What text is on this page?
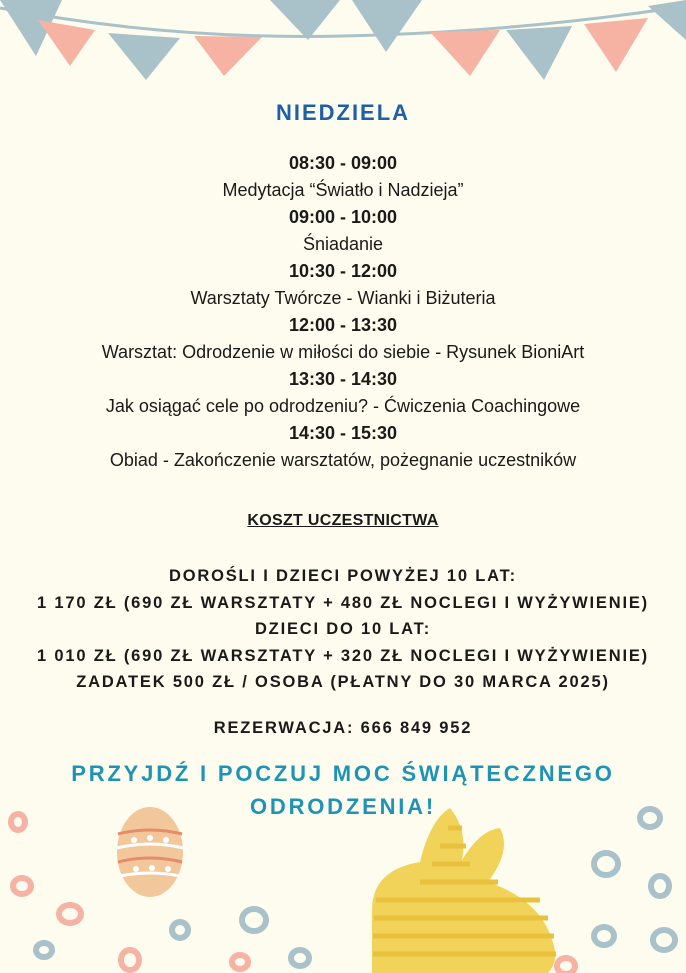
NIEDZIELA
08:30 - 09:00
Medytacja “Światło i Nadzieja”
09:00 - 10:00
Śniadanie
10:30 - 12:00
Warsztaty Twórcze - Wianki i Biżuteria
12:00 - 13:30
Warsztat: Odrodzenie w miłości do siebie - Rysunek BioniArt
13:30 - 14:30
Jak osiągać cele po odrodzeniu? - Ćwiczenia Coachingowe
14:30 - 15:30
Obiad - Zakończenie warsztatów, pożegnanie uczestników
KOSZT UCZESTNICTWA
DOROŚLI I DZIECI POWYŻEJ 10 LAT:
1 170 ZŁ (690 ZŁ WARSZTATY + 480 ZŁ NOCLEGI I WYŻYWIENIE)
DZIECI DO 10 LAT:
1 010 ZŁ (690 ZŁ WARSZTATY + 320 ZŁ NOCLEGI I WYŻYWIENIE)
ZADATEK 500 ZŁ / OSOBA (PŁATNY DO 30 MARCA 2025)
REZERWACJA: 666 849 952
PRZYJDŹ I POCZUJ MOC ŚWIĄTECZNEGO ODRODZENIA!
